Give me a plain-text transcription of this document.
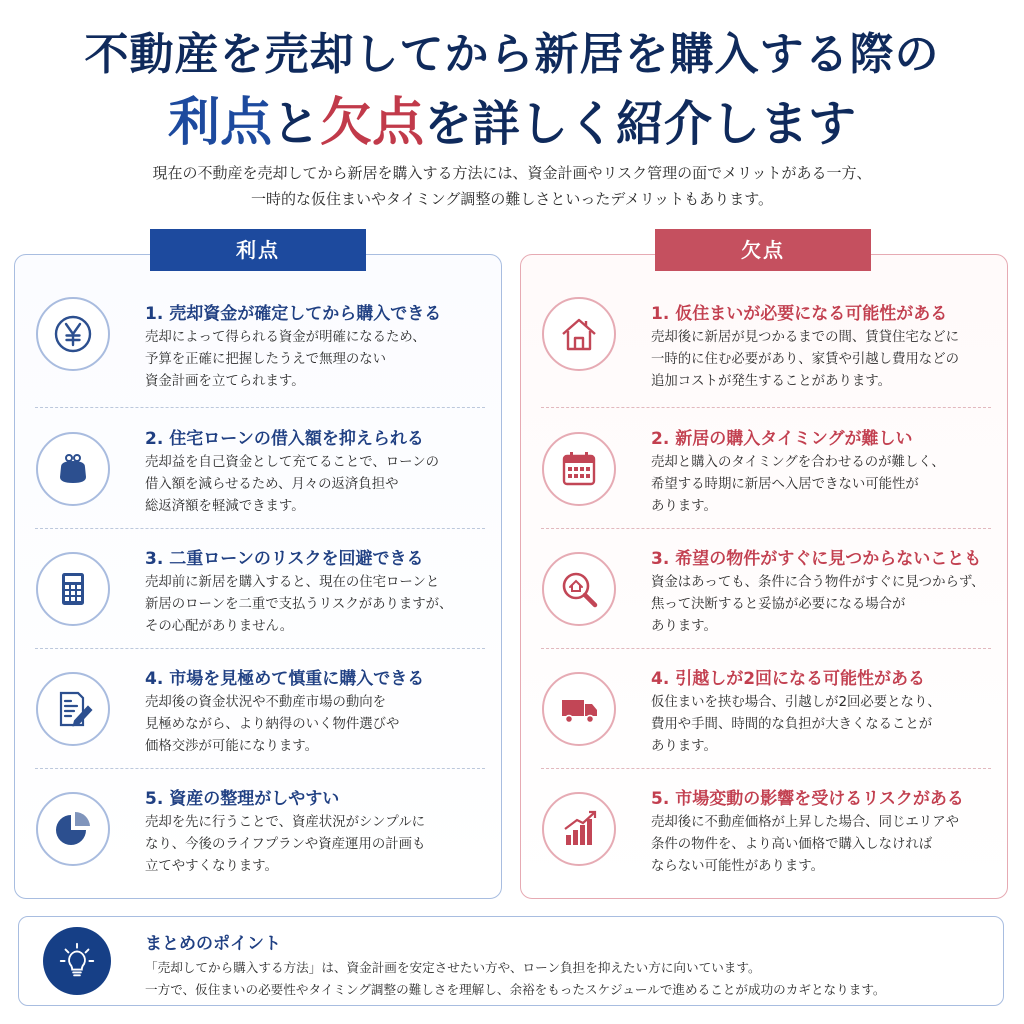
不動産を売却してから新居を購入する際の
利点と欠点を詳しく紹介します
現在の不動産を売却してから新居を購入する方法には、資金計画やリスク管理の面でメリットがある一方、
一時的な仮住まいやタイミング調整の難しさといったデメリットもあります。
1. 売却資金が確定してから購入できる
売却によって得られる資金が明確になるため、
予算を正確に把握したうえで無理のない
資金計画を立てられます。
2. 住宅ローンの借入額を抑えられる
売却益を自己資金として充てることで、ローンの
借入額を減らせるため、月々の返済負担や
総返済額を軽減できます。
3. 二重ローンのリスクを回避できる
売却前に新居を購入すると、現在の住宅ローンと
新居のローンを二重で支払うリスクがありますが、
その心配がありません。
4. 市場を見極めて慎重に購入できる
売却後の資金状況や不動産市場の動向を
見極めながら、より納得のいく物件選びや
価格交渉が可能になります。
5. 資産の整理がしやすい
売却を先に行うことで、資産状況がシンプルに
なり、今後のライフプランや資産運用の計画も
立てやすくなります。
1. 仮住まいが必要になる可能性がある
売却後に新居が見つかるまでの間、賃貸住宅などに
一時的に住む必要があり、家賃や引越し費用などの
追加コストが発生することがあります。
2. 新居の購入タイミングが難しい
売却と購入のタイミングを合わせるのが難しく、
希望する時期に新居へ入居できない可能性が
あります。
3. 希望の物件がすぐに見つからないことも
資金はあっても、条件に合う物件がすぐに見つからず、
焦って決断すると妥協が必要になる場合が
あります。
4. 引越しが2回になる可能性がある
仮住まいを挟む場合、引越しが2回必要となり、
費用や手間、時間的な負担が大きくなることが
あります。
5. 市場変動の影響を受けるリスクがある
売却後に不動産価格が上昇した場合、同じエリアや
条件の物件を、より高い価格で購入しなければ
ならない可能性があります。
利点	欠点
まとめのポイント
「売却してから購入する方法」は、資金計画を安定させたい方や、ローン負担を抑えたい方に向いています。
一方で、仮住まいの必要性やタイミング調整の難しさを理解し、余裕をもったスケジュールで進めることが成功のカギとなります。
